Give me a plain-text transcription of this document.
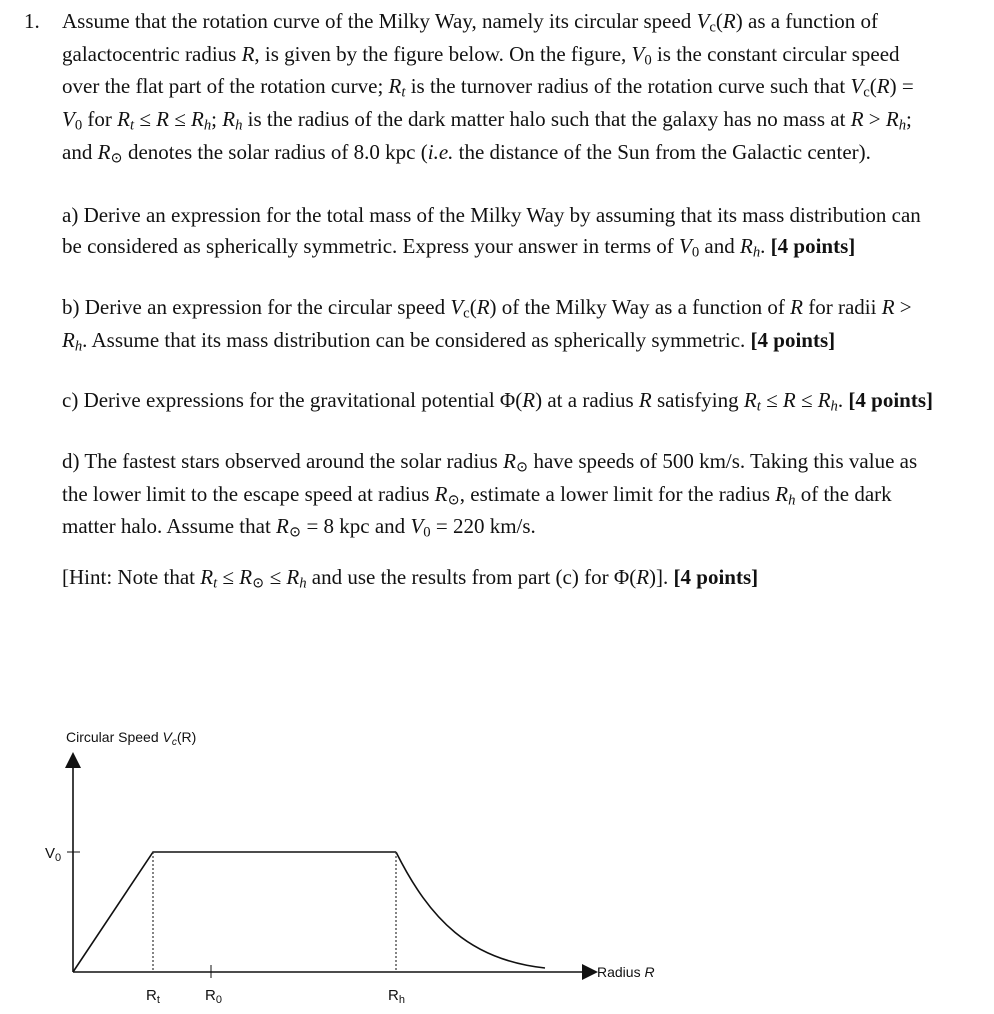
1. Assume that the rotation curve of the Milky Way, namely its circular speed $V_c(R)$ as a function of galactocentric radius R, is given by the figure below. On the figure, $V_0$ is the constant circular speed over the flat part of the rotation curve; $R_t$ is the turnover radius of the rotation curve such that $V_c(R) = V_0$ for $R_t \le R \le R_h$; $R_h$ is the radius of the dark matter halo such that the galaxy has no mass at $R > R_h$; and R⊙ denotes the solar radius of 8.0 kpc (i.e. the distance of the Sun from the Galactic center).

a) Derive an expression for the total mass of the Milky Way by assuming that its mass distribution can be considered as spherically symmetric. Express your answer in terms of $V_0$ and $R_h$. [4 points]

b) Derive an expression for the circular speed $V_c(R)$ of the Milky Way as a function of R for radii $R > R_h$. Assume that its mass distribution can be considered as spherically symmetric. [4 points]

c) Derive expressions for the gravitational potential Φ(R) at a radius R satisfying $R_t \le R \le R_h$. [4 points]

d) The fastest stars observed around the solar radius R⊙ have speeds of 500 km/s. Taking this value as the lower limit to the escape speed at radius R⊙, estimate a lower limit for the radius $R_h$ of the dark matter halo. Assume that R⊙ = 8 kpc and $V_0 = 220$ km/s.

[Hint: Note that $R_t$ ≤ R⊙ ≤ $R_h$ and use the results from part (c) for Φ(R)]. [4 points]

Circular Speed $V_c(R)$
$V_0$
$R_t$	$R_0$	$R_h$
Radius R
